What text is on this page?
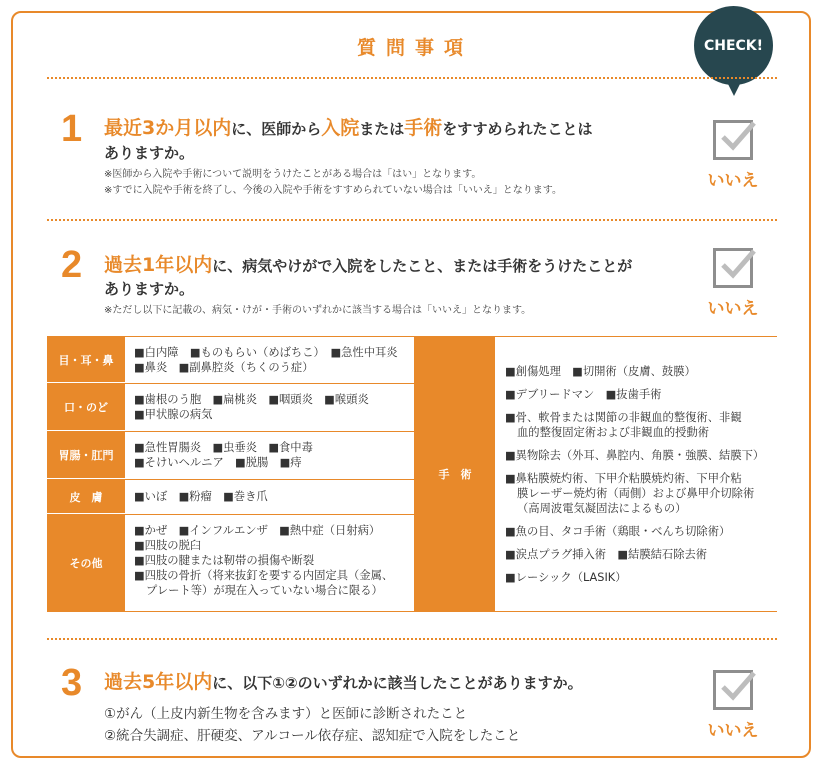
質問事項	CHECK!
1 最近3か月以内に、医師から入院または手術をすすめられたことは
ありますか。
※医師から入院や手術について説明をうけたことがある場合は「はい」となります。
※すでに入院や手術を終了し、今後の入院や手術をすすめられていない場合は「いいえ」となります。	いいえ
2 過去1年以内に、病気やけがで入院をしたこと、または手術をうけたことが
ありますか。
※ただし以下に記載の、病気・けが・手術のいずれかに該当する場合は「いいえ」となります。	いいえ
目・耳・鼻
■白内障　■ものもらい（めばちこ）　■急性中耳炎
■鼻炎　■副鼻腔炎（ちくのう症）
口・のど
■歯根のう胞　■扁桃炎　■咽頭炎　■喉頭炎
■甲状腺の病気
胃腸・肛門
■急性胃腸炎　■虫垂炎　■食中毒
■そけいヘルニア　■脱腸　■痔
皮　膚	■いぼ　■粉瘤　■巻き爪
その他
■かぜ　■インフルエンザ　■熱中症（日射病）
■四肢の脱臼
■四肢の腱または靭帯の損傷や断裂
■四肢の骨折（将来抜釘を要する内固定具（金属、
プレート等）が現在入っていない場合に限る）
手　術
■創傷処理　■切開術（皮膚、鼓膜）
■デブリードマン　■抜歯手術
■骨、軟骨または関節の非観血的整復術、非観
血的整復固定術および非観血的授動術
■異物除去（外耳、鼻腔内、角膜・強膜、結膜下）
■鼻粘膜焼灼術、下甲介粘膜焼灼術、下甲介粘
膜レーザー焼灼術（両側）および鼻甲介切除術
（高周波電気凝固法によるもの）
■魚の目、タコ手術（鶏眼・べんち切除術）
■涙点プラグ挿入術　■結膜結石除去術
■レーシック（LASIK）
3 過去5年以内に、以下①②のいずれかに該当したことがありますか。
①がん（上皮内新生物を含みます）と医師に診断されたこと
②統合失調症、肝硬変、アルコール依存症、認知症で入院をしたこと	いいえ
